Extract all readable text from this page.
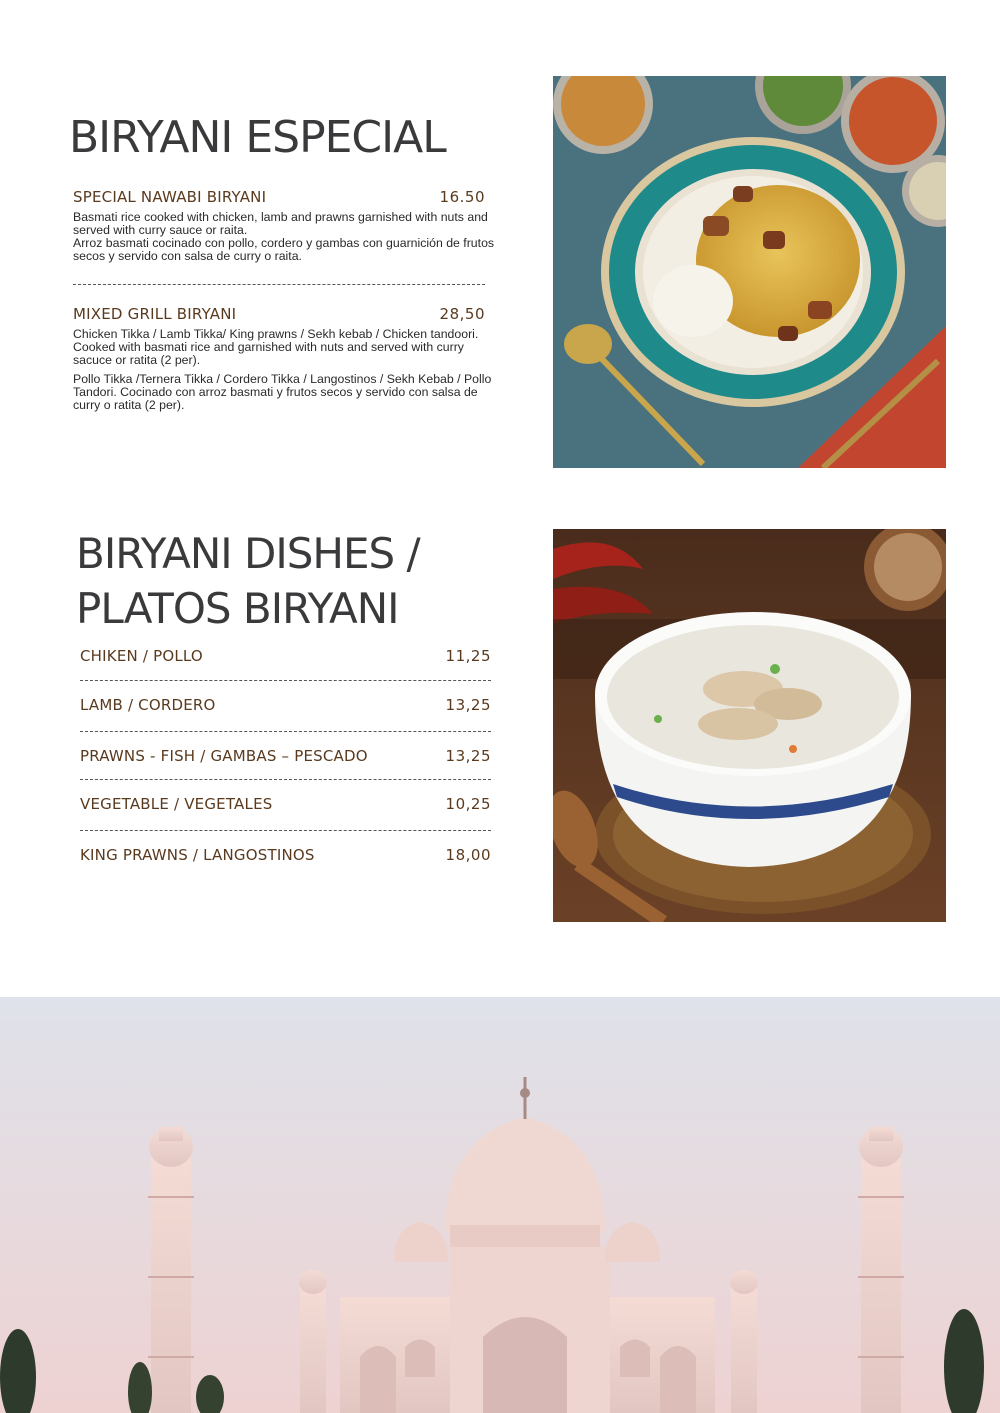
BIRYANI ESPECIAL
SPECIAL NAWABI BIRYANI	16.50

Basmati rice cooked with chicken, lamb and prawns garnished with nuts and served with curry sauce or raita.

Arroz basmati cocinado con pollo, cordero y gambas con guarnición de frutos secos y servido con salsa de curry o raita.

MIXED GRILL BIRYANI	28,50

Chicken Tikka / Lamb Tikka/ King prawns / Sekh kebab / Chicken tandoori. Cooked with basmati rice and garnished with nuts and served with curry sacuce or ratita (2 per).

Pollo Tikka /Ternera Tikka / Cordero Tikka / Langostinos / Sekh Kebab / Pollo Tandori. Cocinado con arroz basmati y frutos secos y servido con salsa de curry o ratita (2 per).

BIRYANI DISHES /
PLATOS BIRYANI
CHIKEN / POLLO	11,25
LAMB / CORDERO	13,25
PRAWNS - FISH / GAMBAS – PESCADO	13,25
VEGETABLE / VEGETALES	10,25
KING PRAWNS / LANGOSTINOS	18,00
